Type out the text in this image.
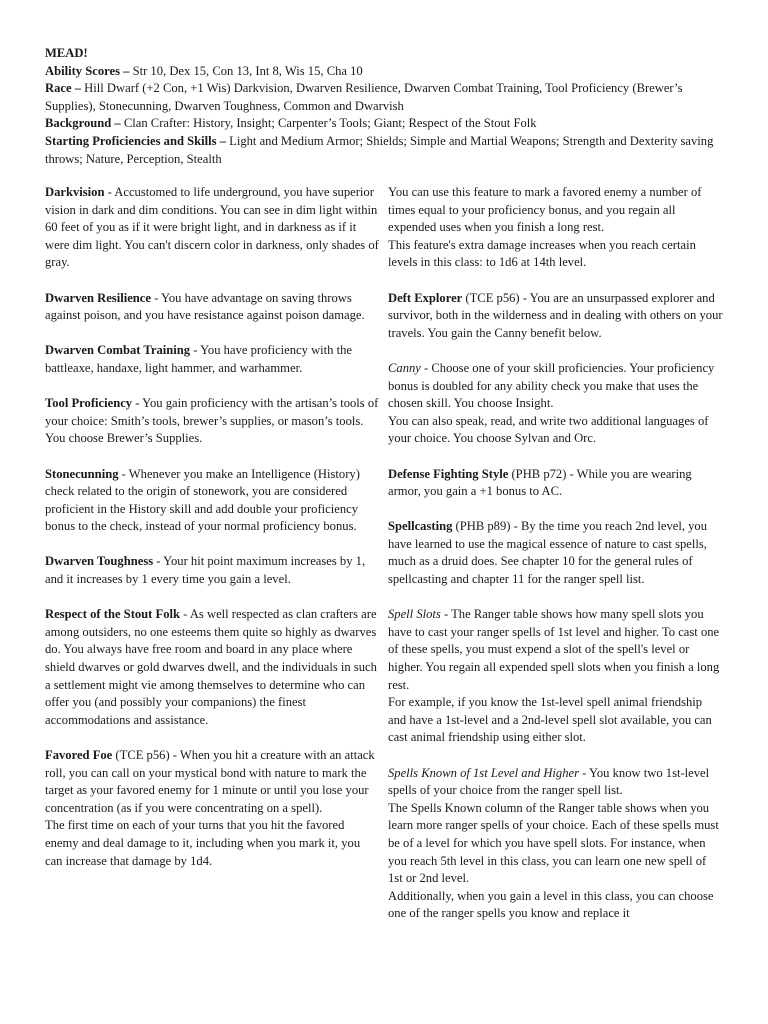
MEAD!

Ability Scores – Str 10, Dex 15, Con 13, Int 8, Wis 15, Cha 10

Race – Hill Dwarf (+2 Con, +1 Wis) Darkvision, Dwarven Resilience, Dwarven Combat Training, Tool Proficiency (Brewer’s Supplies), Stonecunning, Dwarven Toughness, Common and Dwarvish

Background – Clan Crafter: History, Insight; Carpenter’s Tools; Giant; Respect of the Stout Folk

Starting Proficiencies and Skills – Light and Medium Armor; Shields; Simple and Martial Weapons; Strength and Dexterity saving throws; Nature, Perception, Stealth

Darkvision - Accustomed to life underground, you have superior vision in dark and dim conditions. You can see in dim light within 60 feet of you as if it were bright light, and in darkness as if it were dim light. You can't discern color in darkness, only shades of gray.

Dwarven Resilience - You have advantage on saving throws against poison, and you have resistance against poison damage.

Dwarven Combat Training - You have proficiency with the battleaxe, handaxe, light hammer, and warhammer.

Tool Proficiency - You gain proficiency with the artisan’s tools of your choice: Smith’s tools, brewer’s supplies, or mason’s tools. You choose Brewer’s Supplies.

Stonecunning - Whenever you make an Intelligence (History) check related to the origin of stonework, you are considered proficient in the History skill and add double your proficiency bonus to the check, instead of your normal proficiency bonus.

Dwarven Toughness - Your hit point maximum increases by 1, and it increases by 1 every time you gain a level.

Respect of the Stout Folk - As well respected as clan crafters are among outsiders, no one esteems them quite so highly as dwarves do. You always have free room and board in any place where shield dwarves or gold dwarves dwell, and the individuals in such a settlement might vie among themselves to determine who can offer you (and possibly your companions) the finest accommodations and assistance.

Favored Foe (TCE p56) - When you hit a creature with an attack roll, you can call on your mystical bond with nature to mark the target as your favored enemy for 1 minute or until you lose your concentration (as if you were concentrating on a spell).

The first time on each of your turns that you hit the favored enemy and deal damage to it, including when you mark it, you can increase that damage by 1d4.

You can use this feature to mark a favored enemy a number of times equal to your proficiency bonus, and you regain all expended uses when you finish a long rest.

This feature's extra damage increases when you reach certain levels in this class: to 1d6 at 14th level.

Deft Explorer (TCE p56) - You are an unsurpassed explorer and survivor, both in the wilderness and in dealing with others on your travels. You gain the Canny benefit below.

Canny - Choose one of your skill proficiencies. Your proficiency bonus is doubled for any ability check you make that uses the chosen skill. You choose Insight.

You can also speak, read, and write two additional languages of your choice. You choose Sylvan and Orc.

Defense Fighting Style (PHB p72) - While you are wearing armor, you gain a +1 bonus to AC.

Spellcasting (PHB p89) - By the time you reach 2nd level, you have learned to use the magical essence of nature to cast spells, much as a druid does. See chapter 10 for the general rules of spellcasting and chapter 11 for the ranger spell list.

Spell Slots - The Ranger table shows how many spell slots you have to cast your ranger spells of 1st level and higher. To cast one of these spells, you must expend a slot of the spell's level or higher. You regain all expended spell slots when you finish a long rest.

For example, if you know the 1st-level spell animal friendship and have a 1st-level and a 2nd-level spell slot available, you can cast animal friendship using either slot.

Spells Known of 1st Level and Higher - You know two 1st-level spells of your choice from the ranger spell list.

The Spells Known column of the Ranger table shows when you learn more ranger spells of your choice. Each of these spells must be of a level for which you have spell slots. For instance, when you reach 5th level in this class, you can learn one new spell of 1st or 2nd level.

Additionally, when you gain a level in this class, you can choose one of the ranger spells you know and replace it
